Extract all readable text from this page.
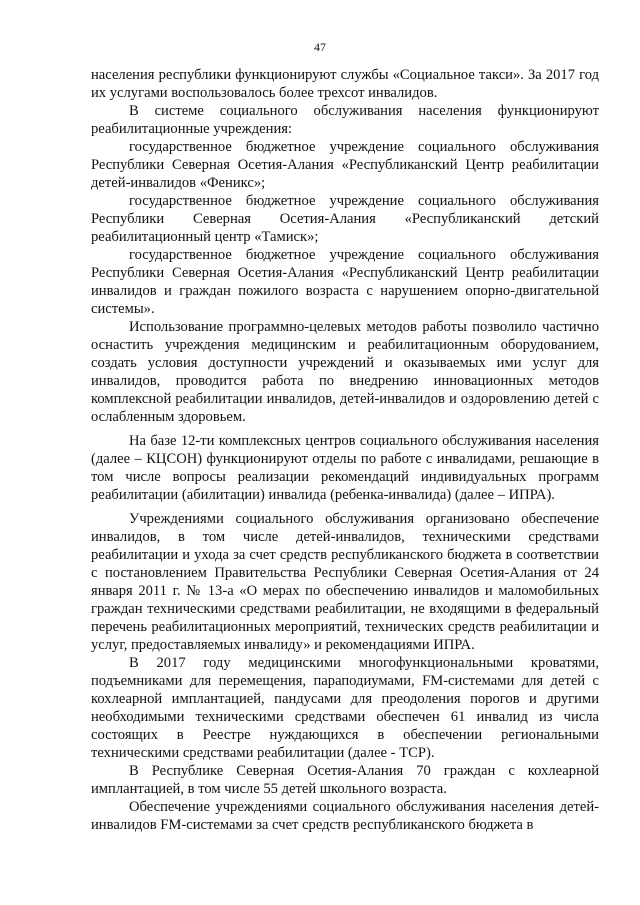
47

населения республики функционируют службы «Социальное такси». За 2017 год их услугами воспользовалось более трехсот инвалидов.

В системе социального обслуживания населения функционируют реабилитационные учреждения:

государственное бюджетное учреждение социального обслуживания Республики Северная Осетия-Алания «Республиканский Центр реабилитации детей-инвалидов «Феникс»;

государственное бюджетное учреждение социального обслуживания Республики Северная Осетия-Алания «Республиканский детский реабилитационный центр «Тамиск»;

государственное бюджетное учреждение социального обслуживания Республики Северная Осетия-Алания «Республиканский Центр реабилитации инвалидов и граждан пожилого возраста с нарушением опорно-двигательной системы».

Использование программно-целевых методов работы позволило частично оснастить учреждения медицинским и реабилитационным оборудованием, создать условия доступности учреждений и оказываемых ими услуг для инвалидов, проводится работа по внедрению инновационных методов комплексной реабилитации инвалидов, детей-инвалидов и оздоровлению детей с ослабленным здоровьем.

На базе 12-ти комплексных центров социального обслуживания населения (далее – КЦСОН) функционируют отделы по работе с инвалидами, решающие в том числе вопросы реализации рекомендаций индивидуальных программ реабилитации (абилитации) инвалида (ребенка-инвалида) (далее – ИПРА).

Учреждениями социального обслуживания организовано обеспечение инвалидов, в том числе детей-инвалидов, техническими средствами реабилитации и ухода за счет средств республиканского бюджета в соответствии с постановлением Правительства Республики Северная Осетия-Алания от 24 января 2011 г. № 13-а «О мерах по обеспечению инвалидов и маломобильных граждан техническими средствами реабилитации, не входящими в федеральный перечень реабилитационных мероприятий, технических средств реабилитации и услуг, предоставляемых инвалиду» и рекомендациями ИПРА.

В 2017 году медицинскими многофункциональными кроватями, подъемниками для перемещения, параподиумами, FM-системами для детей с кохлеарной имплантацией, пандусами для преодоления порогов и другими необходимыми техническими средствами обеспечен 61 инвалид из числа состоящих в Реестре нуждающихся в обеспечении региональными техническими средствами реабилитации (далее - ТСР).

В Республике Северная Осетия-Алания 70 граждан с кохлеарной имплантацией, в том числе 55 детей школьного возраста.

Обеспечение учреждениями социального обслуживания населения детей-инвалидов FM-системами за счет средств республиканского бюджета в
